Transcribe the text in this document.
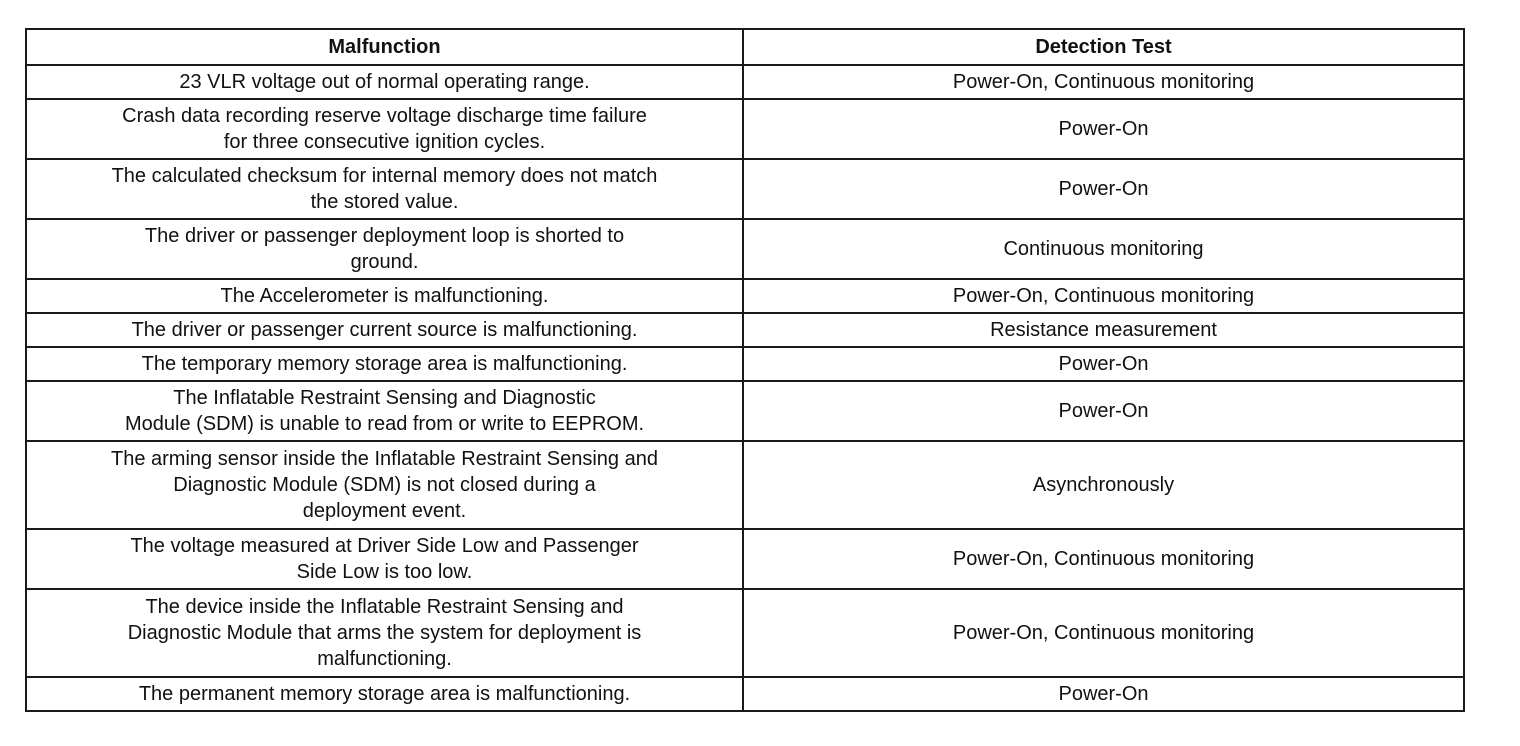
Malfunction	Detection Test

23 VLR voltage out of normal operating range.	Power-On, Continuous monitoring

Crash data recording reserve voltage discharge time failure
for three consecutive ignition cycles.	Power-On

The calculated checksum for internal memory does not match
the stored value.	Power-On

The driver or passenger deployment loop is shorted to
ground.	Continuous monitoring

The Accelerometer is malfunctioning.	Power-On, Continuous monitoring

The driver or passenger current source is malfunctioning.	Resistance measurement

The temporary memory storage area is malfunctioning.	Power-On

The Inflatable Restraint Sensing and Diagnostic
Module (SDM) is unable to read from or write to EEPROM.	Power-On

The arming sensor inside the Inflatable Restraint Sensing and
Diagnostic Module (SDM) is not closed during a
deployment event.	Asynchronously

The voltage measured at Driver Side Low and Passenger
Side Low is too low.	Power-On, Continuous monitoring

The device inside the Inflatable Restraint Sensing and
Diagnostic Module that arms the system for deployment is
malfunctioning.	Power-On, Continuous monitoring

The permanent memory storage area is malfunctioning.	Power-On
